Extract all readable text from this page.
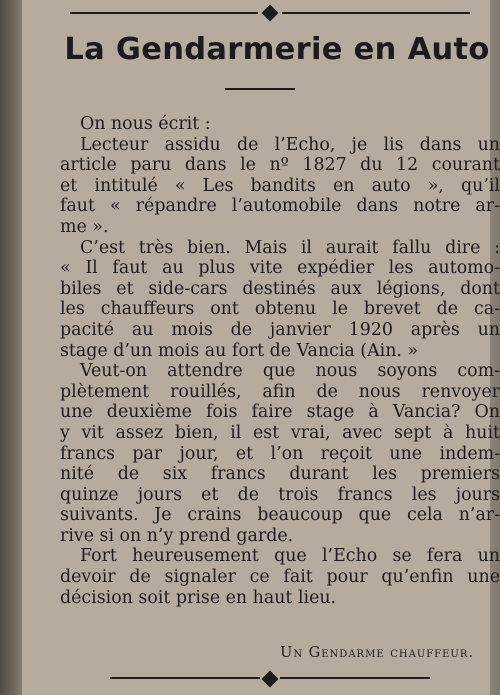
La Gendarmerie en Auto
On nous écrit :
Lecteur assidu de l’Echo, je lis dans un
article paru dans le nº 1827 du 12 courant
et intitulé « Les bandits en auto », qu’il
faut « répandre l’automobile dans notre ar-
me ».
C’est très bien. Mais il aurait fallu dire :
« Il faut au plus vite expédier les automo-
biles et side-cars destinés aux légions, dont
les chauffeurs ont obtenu le brevet de ca-
pacité au mois de janvier 1920 après un
stage d’un mois au fort de Vancia (Ain. »
Veut-on attendre que nous soyons com-
plètement rouillés, afin de nous renvoyer
une deuxième fois faire stage à Vancia? On
y vit assez bien, il est vrai, avec sept à huit
francs par jour, et l’on reçoit une indem-
nité de six francs durant les premiers
quinze jours et de trois francs les jours
suivants. Je crains beaucoup que cela n’ar-
rive si on n’y prend garde.
Fort heureusement que l’Echo se fera un
devoir de signaler ce fait pour qu’enfin une
décision soit prise en haut lieu.
Un Gendarme chauffeur.
